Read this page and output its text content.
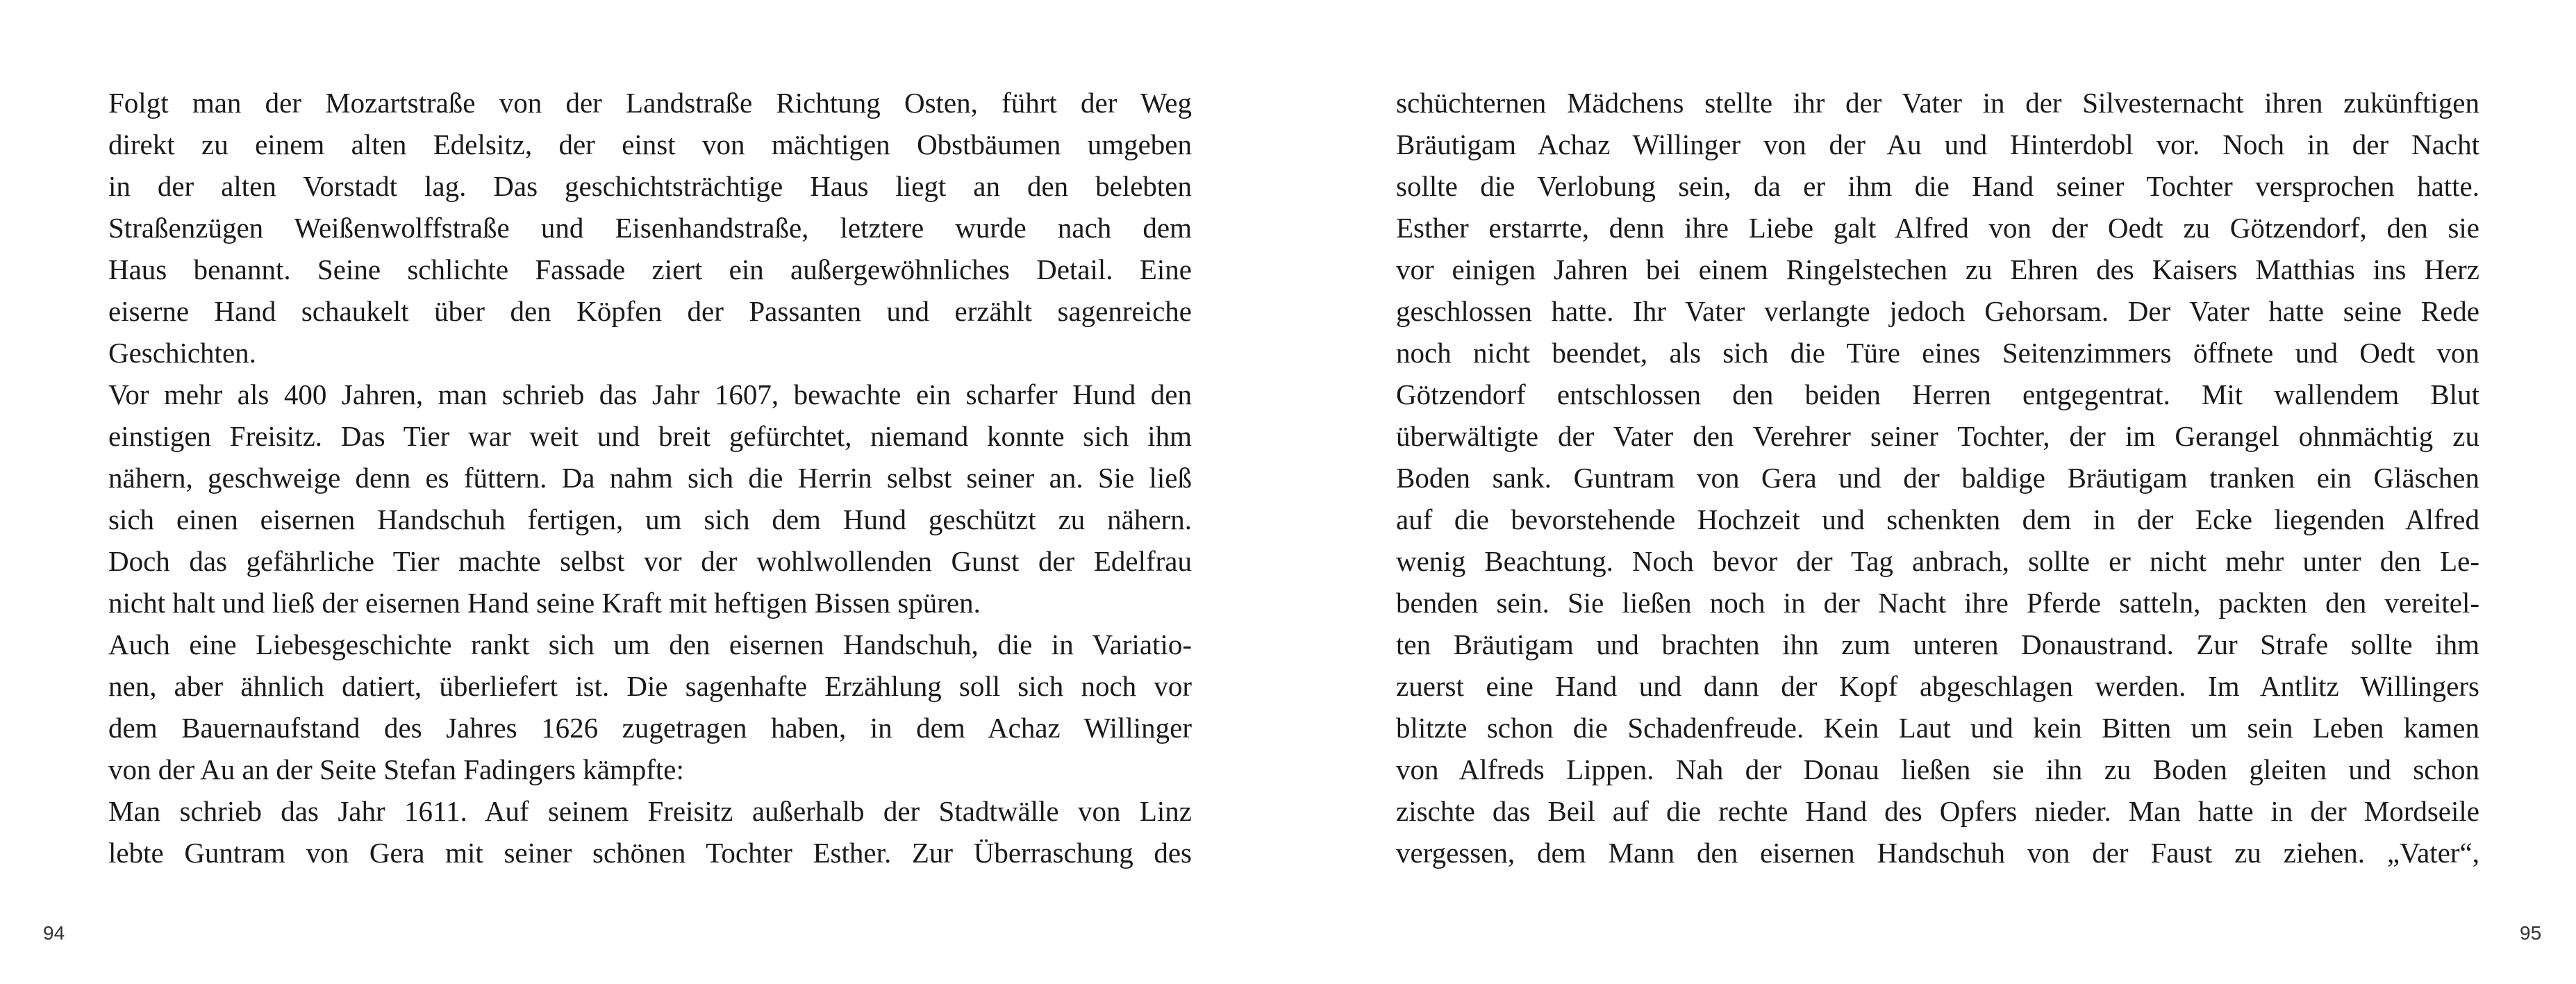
Folgt man der Mozartstraße von der Landstraße Richtung Osten, führt der Weg
direkt zu einem alten Edelsitz, der einst von mächtigen Obstbäumen umgeben
in der alten Vorstadt lag. Das geschichtsträchtige Haus liegt an den belebten
Straßenzügen Weißenwolffstraße und Eisenhandstraße, letztere wurde nach dem
Haus benannt. Seine schlichte Fassade ziert ein außergewöhnliches Detail. Eine
eiserne Hand schaukelt über den Köpfen der Passanten und erzählt sagenreiche
Geschichten.
Vor mehr als 400 Jahren, man schrieb das Jahr 1607, bewachte ein scharfer Hund den
einstigen Freisitz. Das Tier war weit und breit gefürchtet, niemand konnte sich ihm
nähern, geschweige denn es füttern. Da nahm sich die Herrin selbst seiner an. Sie ließ
sich einen eisernen Handschuh fertigen, um sich dem Hund geschützt zu nähern.
Doch das gefährliche Tier machte selbst vor der wohlwollenden Gunst der Edelfrau
nicht halt und ließ der eisernen Hand seine Kraft mit heftigen Bissen spüren.
Auch eine Liebesgeschichte rankt sich um den eisernen Handschuh, die in Variatio-
nen, aber ähnlich datiert, überliefert ist. Die sagenhafte Erzählung soll sich noch vor
dem Bauernaufstand des Jahres 1626 zugetragen haben, in dem Achaz Willinger
von der Au an der Seite Stefan Fadingers kämpfte:
Man schrieb das Jahr 1611. Auf seinem Freisitz außerhalb der Stadtwälle von Linz
lebte Guntram von Gera mit seiner schönen Tochter Esther. Zur Überraschung des
94
schüchternen Mädchens stellte ihr der Vater in der Silvesternacht ihren zukünftigen
Bräutigam Achaz Willinger von der Au und Hinterdobl vor. Noch in der Nacht
sollte die Verlobung sein, da er ihm die Hand seiner Tochter versprochen hatte.
Esther erstarrte, denn ihre Liebe galt Alfred von der Oedt zu Götzendorf, den sie
vor einigen Jahren bei einem Ringelstechen zu Ehren des Kaisers Matthias ins Herz
geschlossen hatte. Ihr Vater verlangte jedoch Gehorsam. Der Vater hatte seine Rede
noch nicht beendet, als sich die Türe eines Seitenzimmers öffnete und Oedt von
Götzendorf entschlossen den beiden Herren entgegentrat. Mit wallendem Blut
überwältigte der Vater den Verehrer seiner Tochter, der im Gerangel ohnmächtig zu
Boden sank. Guntram von Gera und der baldige Bräutigam tranken ein Gläschen
auf die bevorstehende Hochzeit und schenkten dem in der Ecke liegenden Alfred
wenig Beachtung. Noch bevor der Tag anbrach, sollte er nicht mehr unter den Le-
benden sein. Sie ließen noch in der Nacht ihre Pferde satteln, packten den vereitel-
ten Bräutigam und brachten ihn zum unteren Donaustrand. Zur Strafe sollte ihm
zuerst eine Hand und dann der Kopf abgeschlagen werden. Im Antlitz Willingers
blitzte schon die Schadenfreude. Kein Laut und kein Bitten um sein Leben kamen
von Alfreds Lippen. Nah der Donau ließen sie ihn zu Boden gleiten und schon
zischte das Beil auf die rechte Hand des Opfers nieder. Man hatte in der Mordseile
vergessen, dem Mann den eisernen Handschuh von der Faust zu ziehen. „Vater“,
95
